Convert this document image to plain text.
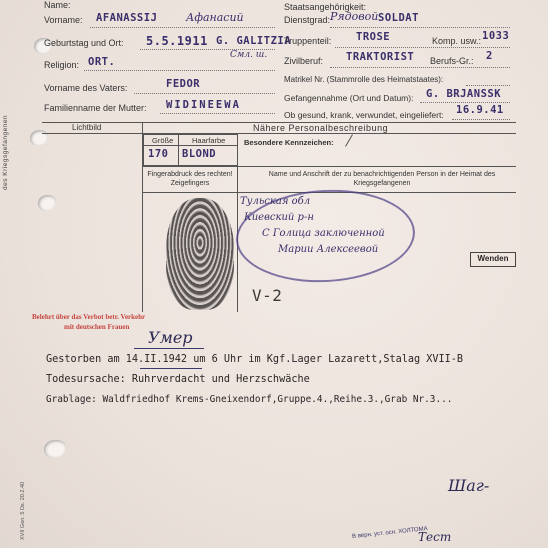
des Kriegsgefangenen
Name:
Vorname: AFANASSIJ	Афанасий
Geburtstag und Ort: 5.5.1911 G. GALITZIA
Смл. ш.
Religion: ORT.
Vorname des Vaters:	FEDOR
Familienname der Mutter: WIDINEEWA
Staatsangehörigkeit:
Dienstgrad: Рядовой SOLDAT
Truppenteil: TROSE	Komp. usw.: 1033
Zivilberuf: TRAKTORIST Berufs-Gr.: 2
Matrikel Nr. (Stammrolle des Heimatstaates):
Gefangennahme (Ort und Datum): G. BRJANSSK
Ob gesund, krank, verwundet, eingeliefert: 16.9.41
Lichtbild	Nähere Personalbeschreibung
Größe Haarfarbe
170 BLOND
Besondere Kennzeichen:
Fingerabdruck des rechten! Zeigefingers
Name und Anschrift der zu benachrichtigenden Person in der Heimat des Kriegsgefangenen
Тульская обл
Киевский р-н
С Голица заключенной
Марии Алексеевой
Wenden
V-2
Belehrt über das Verbot betr. Verkehr
mit deutschen Frauen
Умер
Gestorben am 14.II.1942 um 6 Uhr im Kgf.Lager Lazarett,Stalag XVII-B
Todesursache: Ruhrverdacht und Herzschwäche
Grablage: Waldfriedhof Krems-Gneixendorf,Gruppe.4.,Reihe.3.,Grab Nr.3...
XVII Gen. 5 Ds. 20.2.40	Шаг-
В верн. уст. осн. ХОЛТОМА
Тест
